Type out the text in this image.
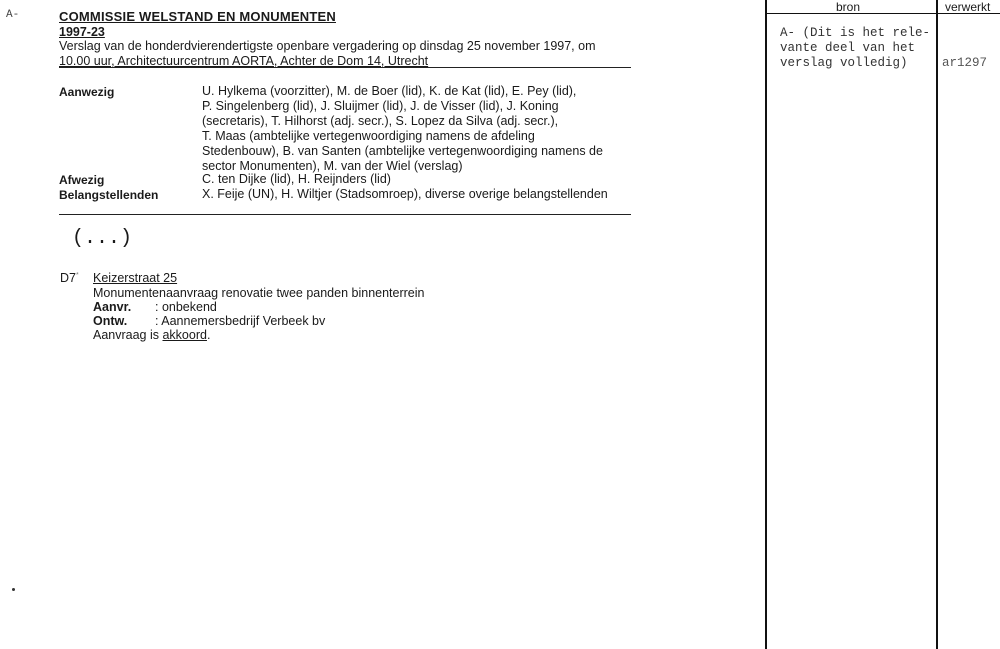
A-	COMMISSIE WELSTAND EN MONUMENTEN
1997-23
Verslag van de honderdvierendertigste openbare vergadering op dinsdag 25 november 1997, om
10.00 uur, Architectuurcentrum AORTA, Achter de Dom 14, Utrecht
Aanwezig	U. Hylkema (voorzitter), M. de Boer (lid), K. de Kat (lid), E. Pey (lid),
P. Singelenberg (lid), J. Sluijmer (lid), J. de Visser (lid), J. Koning
(secretaris), T. Hilhorst (adj. secr.), S. Lopez da Silva (adj. secr.),
T. Maas (ambtelijke vertegenwoordiging namens de afdeling
Stedenbouw), B. van Santen (ambtelijke vertegenwoordiging namens de
sector Monumenten), M. van der Wiel (verslag)
Afwezig	C. ten Dijke (lid), H. Reijnders (lid)
Belangstellenden	X. Feije (UN), H. Wiltjer (Stadsomroep), diverse overige belangstellenden
(...)
D7* Keizerstraat 25
Monumentenaanvraag renovatie twee panden binnenterrein
Aanvr. : onbekend
Ontw. : Aannemersbedrijf Verbeek bv
Aanvraag is akkoord.
bron	verwerkt
A- (Dit is het rele-
vante deel van het
verslag volledig)	ar1297
